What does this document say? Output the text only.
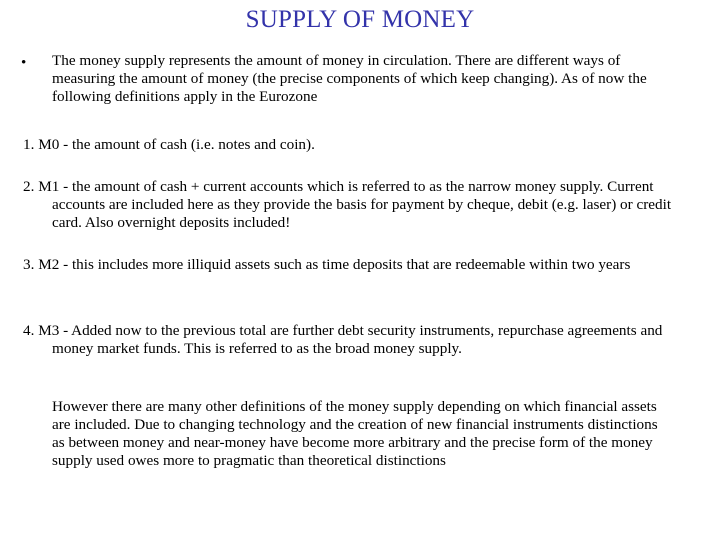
SUPPLY OF MONEY
• The money supply represents the amount of money in circulation. There are different ways of measuring the amount of money (the precise components of which keep changing). As of now the following definitions apply in the Eurozone
1. M0 - the amount of cash (i.e. notes and coin).
2. M1 - the amount of cash + current accounts which is referred to as the narrow money supply. Current accounts are included here as they provide the basis for payment by cheque, debit (e.g. laser) or credit card. Also overnight deposits included!
3. M2 - this includes more illiquid assets such as time deposits that are redeemable within two years
4. M3 - Added now to the previous total are further debt security instruments, repurchase agreements and money market funds. This is referred to as the broad money supply.
However there are many other definitions of the money supply depending on which financial assets are included. Due to changing technology and the creation of new financial instruments distinctions as between money and near-money have become more arbitrary and the precise form of the money supply used owes more to pragmatic than theoretical distinctions
